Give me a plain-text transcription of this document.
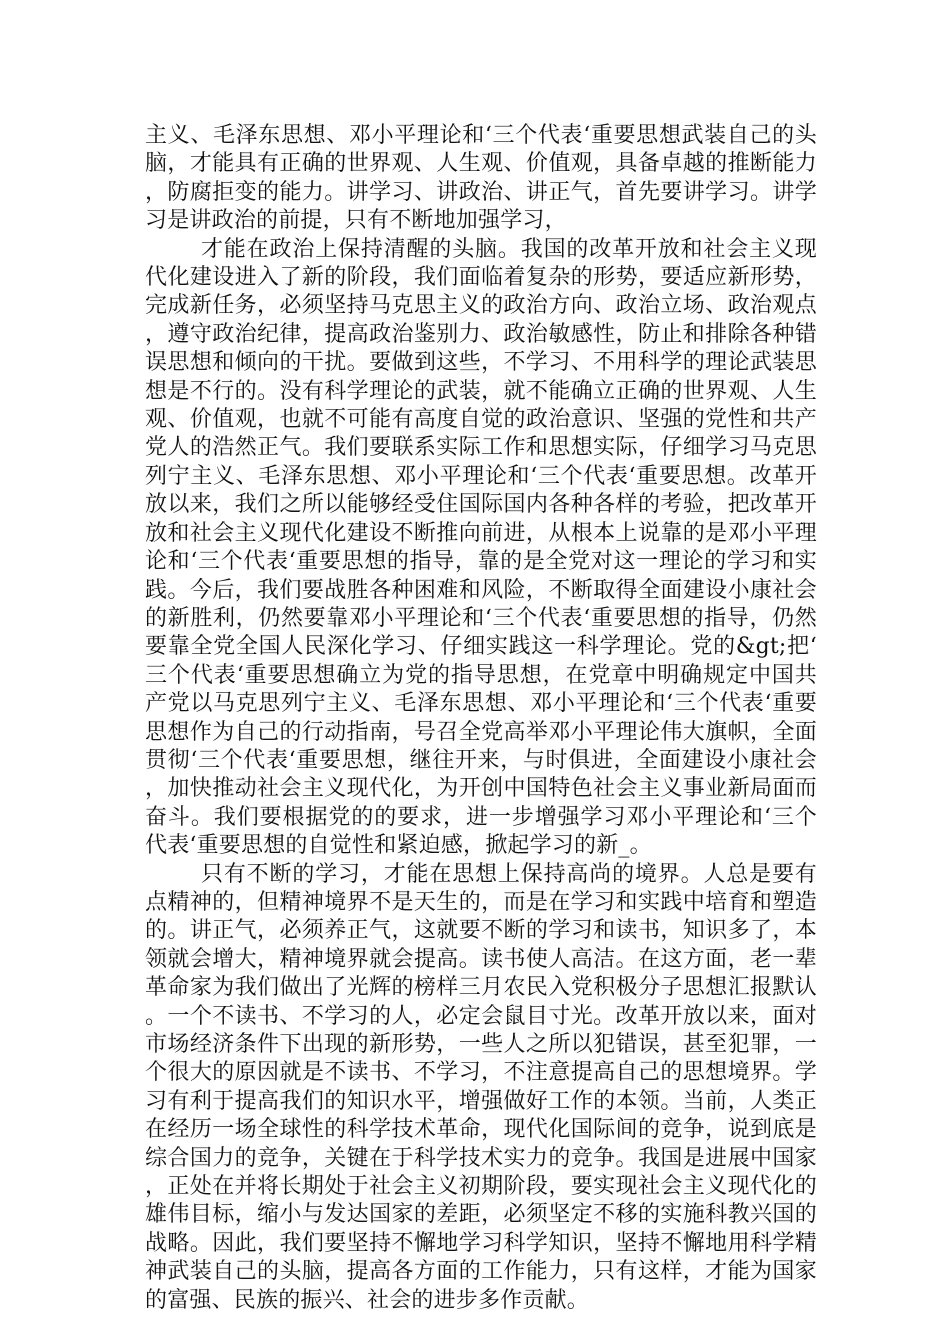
主义、毛泽东思想、邓小平理论和‘三个代表‘重要思想武装自己的头脑，才能具有正确的世界观、人生观、价值观，具备卓越的推断能力，防腐拒变的能力。讲学习、讲政治、讲正气，首先要讲学习。讲学习是讲政治的前提，只有不断地加强学习，

才能在政治上保持清醒的头脑。我国的改革开放和社会主义现代化建设进入了新的阶段，我们面临着复杂的形势，要适应新形势，完成新任务，必须坚持马克思主义的政治方向、政治立场、政治观点，遵守政治纪律，提高政治鉴别力、政治敏感性，防止和排除各种错误思想和倾向的干扰。要做到这些，不学习、不用科学的理论武装思想是不行的。没有科学理论的武装，就不能确立正确的世界观、人生观、价值观，也就不可能有高度自觉的政治意识、坚强的党性和共产党人的浩然正气。我们要联系实际工作和思想实际，仔细学习马克思列宁主义、毛泽东思想、邓小平理论和‘三个代表‘重要思想。改革开放以来，我们之所以能够经受住国际国内各种各样的考验，把改革开放和社会主义现代化建设不断推向前进，从根本上说靠的是邓小平理论和‘三个代表‘重要思想的指导，靠的是全党对这一理论的学习和实践。今后，我们要战胜各种困难和风险，不断取得全面建设小康社会的新胜利，仍然要靠邓小平理论和‘三个代表‘重要思想的指导，仍然要靠全党全国人民深化学习、仔细实践这一科学理论。党的&gt;把‘三个代表‘重要思想确立为党的指导思想，在党章中明确规定中国共产党以马克思列宁主义、毛泽东思想、邓小平理论和‘三个代表‘重要思想作为自己的行动指南，号召全党高举邓小平理论伟大旗帜，全面贯彻‘三个代表‘重要思想，继往开来，与时俱进，全面建设小康社会，加快推动社会主义现代化，为开创中国特色社会主义事业新局面而奋斗。我们要根据党的的要求，进一步增强学习邓小平理论和‘三个代表‘重要思想的自觉性和紧迫感，掀起学习的新_。

只有不断的学习，才能在思想上保持高尚的境界。人总是要有点精神的，但精神境界不是天生的，而是在学习和实践中培育和塑造的。讲正气，必须养正气，这就要不断的学习和读书，知识多了，本领就会增大，精神境界就会提高。读书使人高洁。在这方面，老一辈革命家为我们做出了光辉的榜样三月农民入党积极分子思想汇报默认。一个不读书、不学习的人，必定会鼠目寸光。改革开放以来，面对市场经济条件下出现的新形势，一些人之所以犯错误，甚至犯罪，一个很大的原因就是不读书、不学习，不注意提高自己的思想境界。学习有利于提高我们的知识水平，增强做好工作的本领。当前，人类正在经历一场全球性的科学技术革命，现代化国际间的竞争，说到底是综合国力的竞争，关键在于科学技术实力的竞争。我国是进展中国家，正处在并将长期处于社会主义初期阶段，要实现社会主义现代化的雄伟目标，缩小与发达国家的差距，必须坚定不移的实施科教兴国的战略。因此，我们要坚持不懈地学习科学知识，坚持不懈地用科学精神武装自己的头脑，提高各方面的工作能力，只有这样，才能为国家的富强、民族的振兴、社会的进步多作贡献。
